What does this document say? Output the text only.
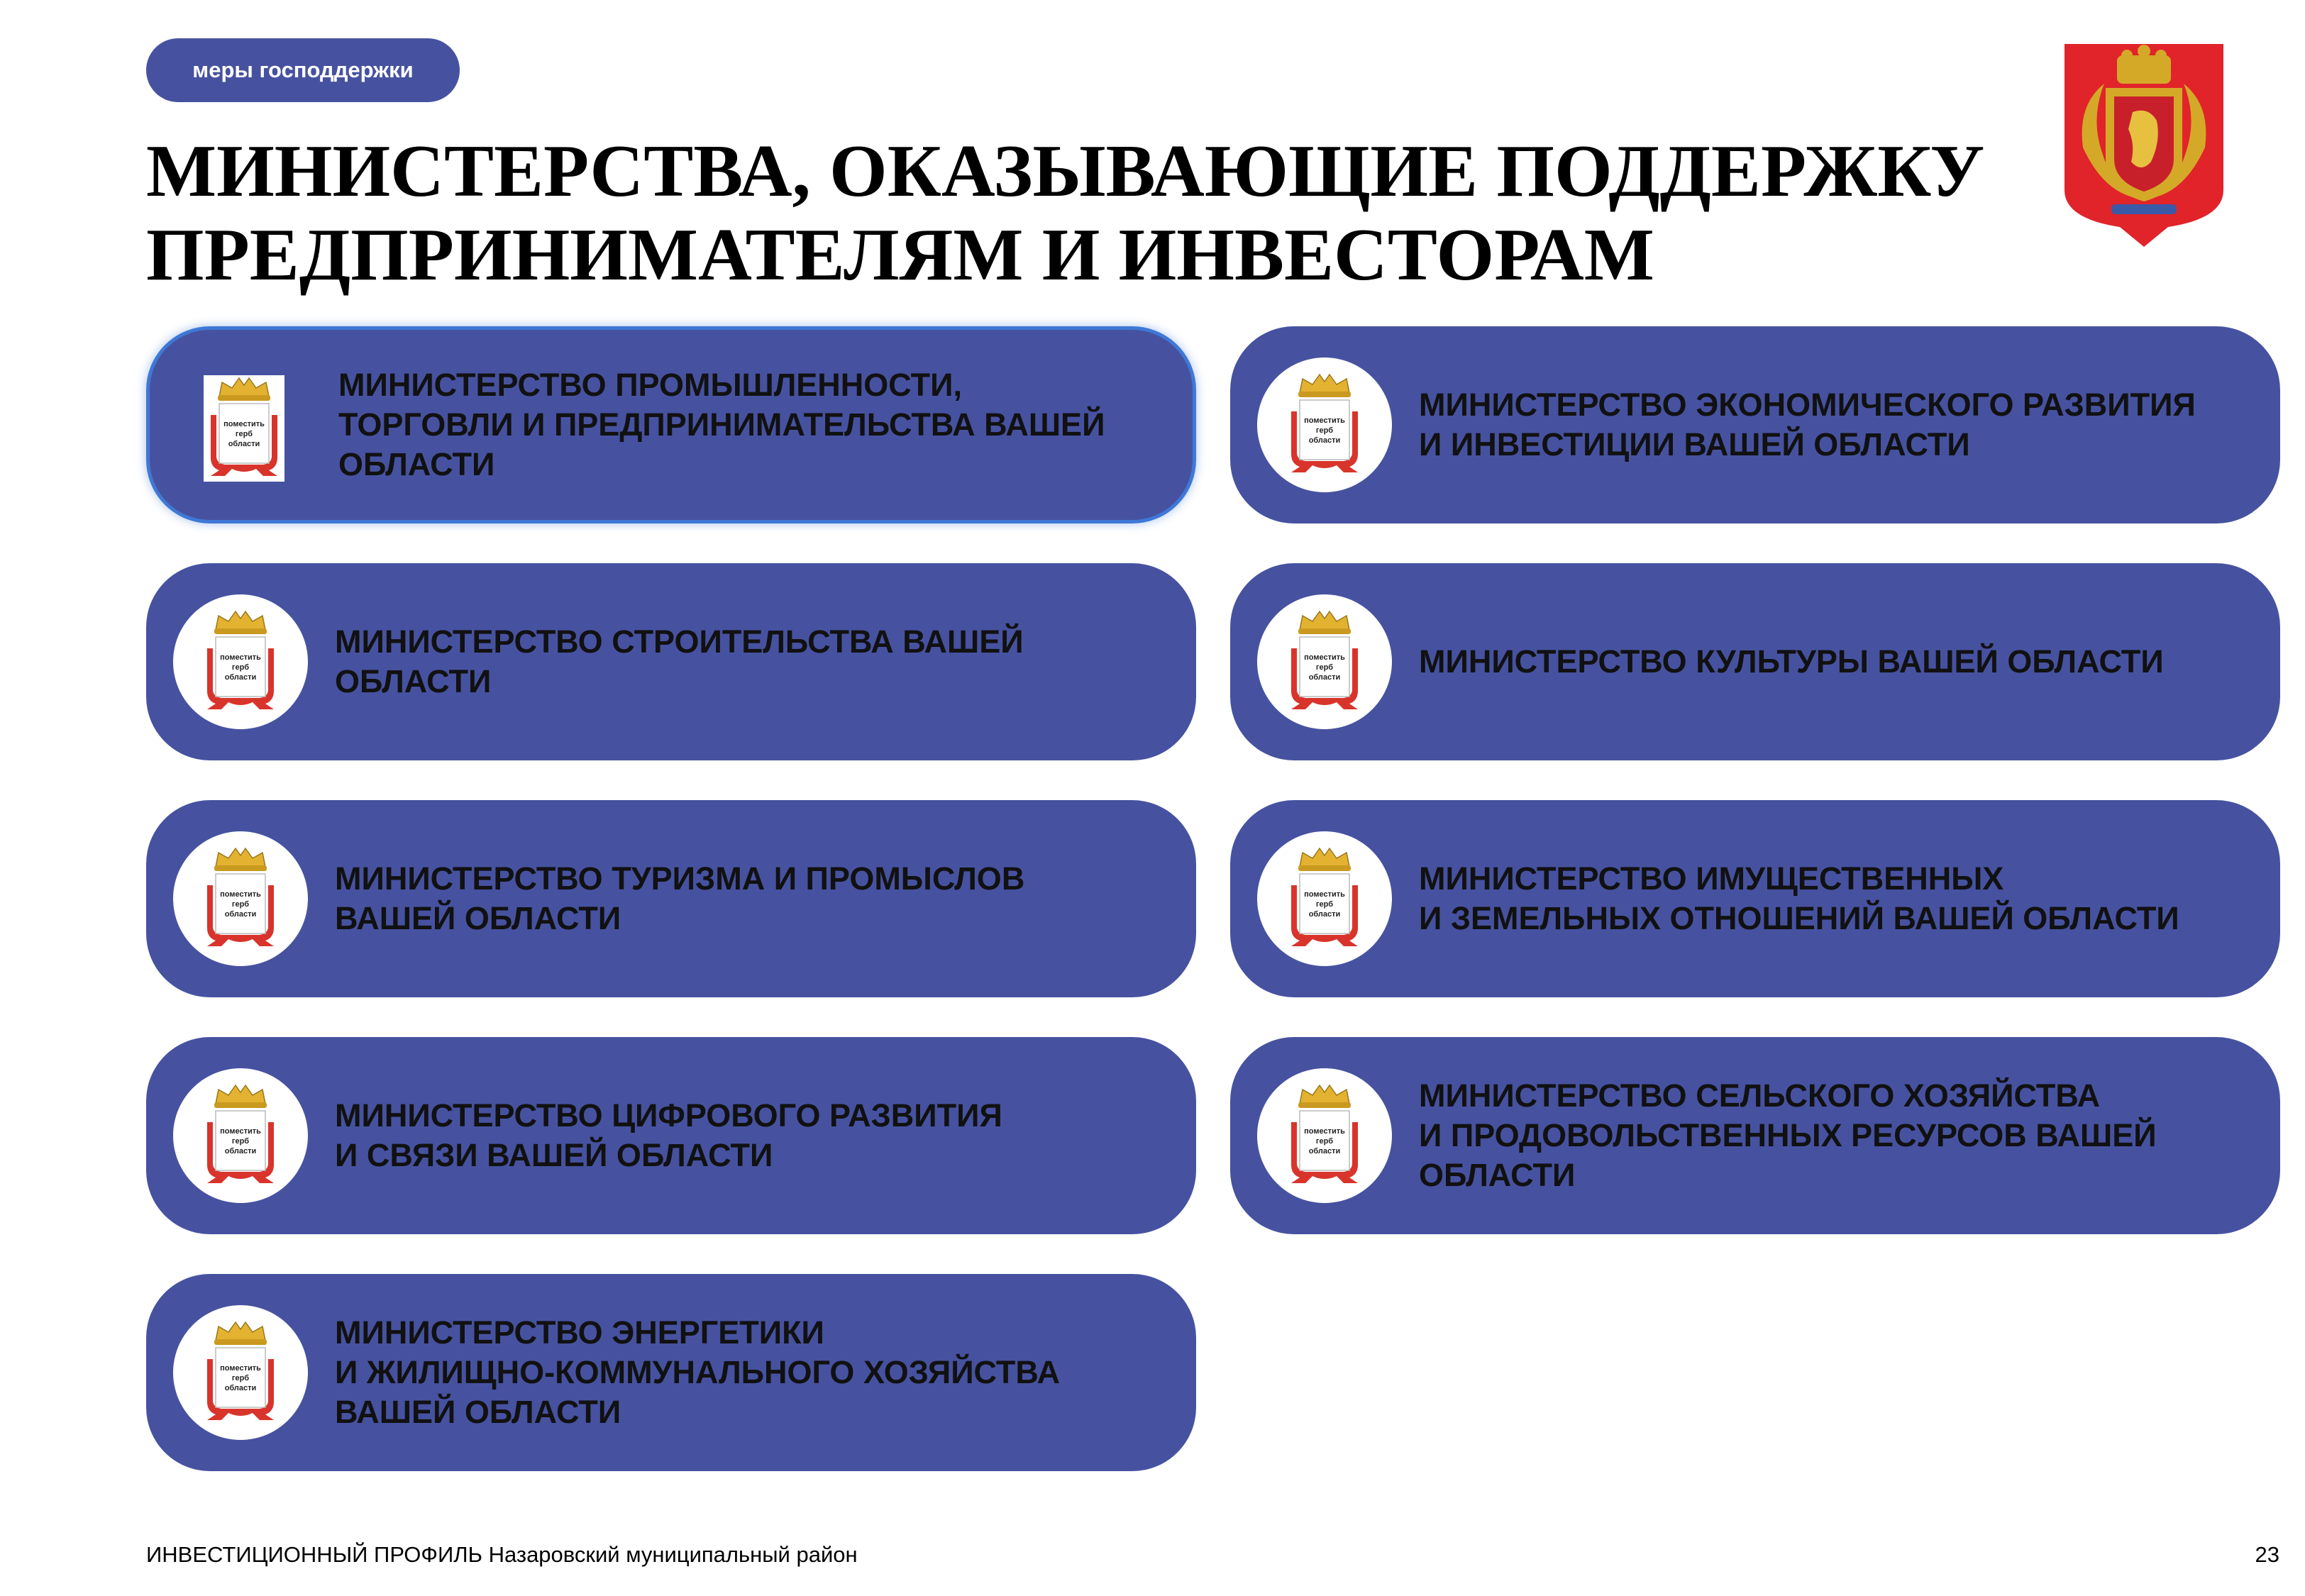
меры господдержки
МИНИСТЕРСТВА, ОКАЗЫВАЮЩИЕ ПОДДЕРЖКУ
ПРЕДПРИНИМАТЕЛЯМ И ИНВЕСТОРАМ
поместить
герб
области
МИНИСТЕРСТВО ПРОМЫШЛЕННОСТИ,
ТОРГОВЛИ И ПРЕДПРИНИМАТЕЛЬСТВА ВАШЕЙ
ОБЛАСТИ
поместить
герб
области
МИНИСТЕРСТВО СТРОИТЕЛЬСТВА ВАШЕЙ
ОБЛАСТИ
поместить
герб
области
МИНИСТЕРСТВО ТУРИЗМА И ПРОМЫСЛОВ
ВАШЕЙ ОБЛАСТИ
поместить
герб
области
МИНИСТЕРСТВО ЦИФРОВОГО РАЗВИТИЯ
И СВЯЗИ ВАШЕЙ ОБЛАСТИ
поместить
герб
области
МИНИСТЕРСТВО ЭНЕРГЕТИКИ
И ЖИЛИЩНО-КОММУНАЛЬНОГО ХОЗЯЙСТВА
ВАШЕЙ ОБЛАСТИ
поместить
герб
области
МИНИСТЕРСТВО ЭКОНОМИЧЕСКОГО РАЗВИТИЯ
И ИНВЕСТИЦИИ ВАШЕЙ ОБЛАСТИ
поместить
герб
области МИНИСТЕРСТВО КУЛЬТУРЫ ВАШЕЙ ОБЛАСТИ
поместить
герб
области
МИНИСТЕРСТВО ИМУЩЕСТВЕННЫХ
И ЗЕМЕЛЬНЫХ ОТНОШЕНИЙ ВАШЕЙ ОБЛАСТИ
поместить
герб
области
МИНИСТЕРСТВО СЕЛЬСКОГО ХОЗЯЙСТВА
И ПРОДОВОЛЬСТВЕННЫХ РЕСУРСОВ ВАШЕЙ
ОБЛАСТИ
ИНВЕСТИЦИОННЫЙ ПРОФИЛЬ Назаровский муниципальный район	23
